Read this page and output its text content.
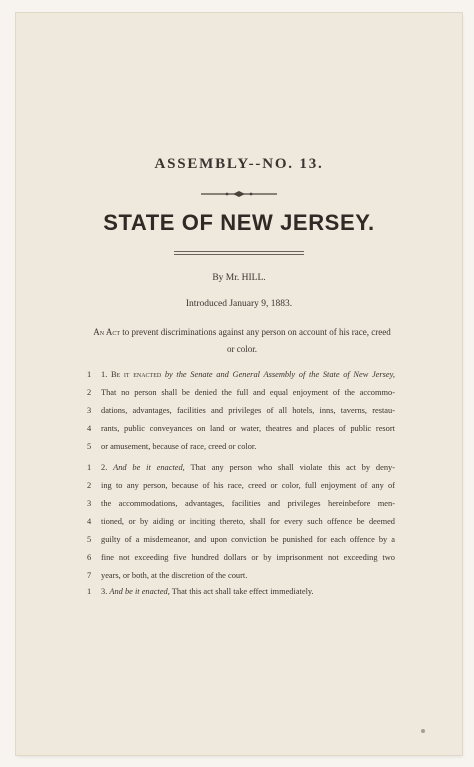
ASSEMBLY--NO. 13.
STATE OF NEW JERSEY.
By Mr. HILL.
Introduced January 9, 1883.
An Act to prevent discriminations against any person on account of his race, creed
or color.
1 1. Be it enacted by the Senate and General Assembly of the State of New Jersey,
2 That no person shall be denied the full and equal enjoyment of the accommo-
3 dations, advantages, facilities and privileges of all hotels, inns, taverns, restau-
4 rants, public conveyances on land or water, theatres and places of public resort
5 or amusement, because of race, creed or color.
1 2. And be it enacted, That any person who shall violate this act by deny-
2 ing to any person, because of his race, creed or color, full enjoyment of any of
3 the accommodations, advantages, facilities and privileges hereinbefore men-
4 tioned, or by aiding or inciting thereto, shall for every such offence be deemed
5 guilty of a misdemeanor, and upon conviction be punished for each offence by a
6 fine not exceeding five hundred dollars or by imprisonment not exceeding two
7 years, or both, at the discretion of the court.
1 3. And be it enacted, That this act shall take effect immediately.
